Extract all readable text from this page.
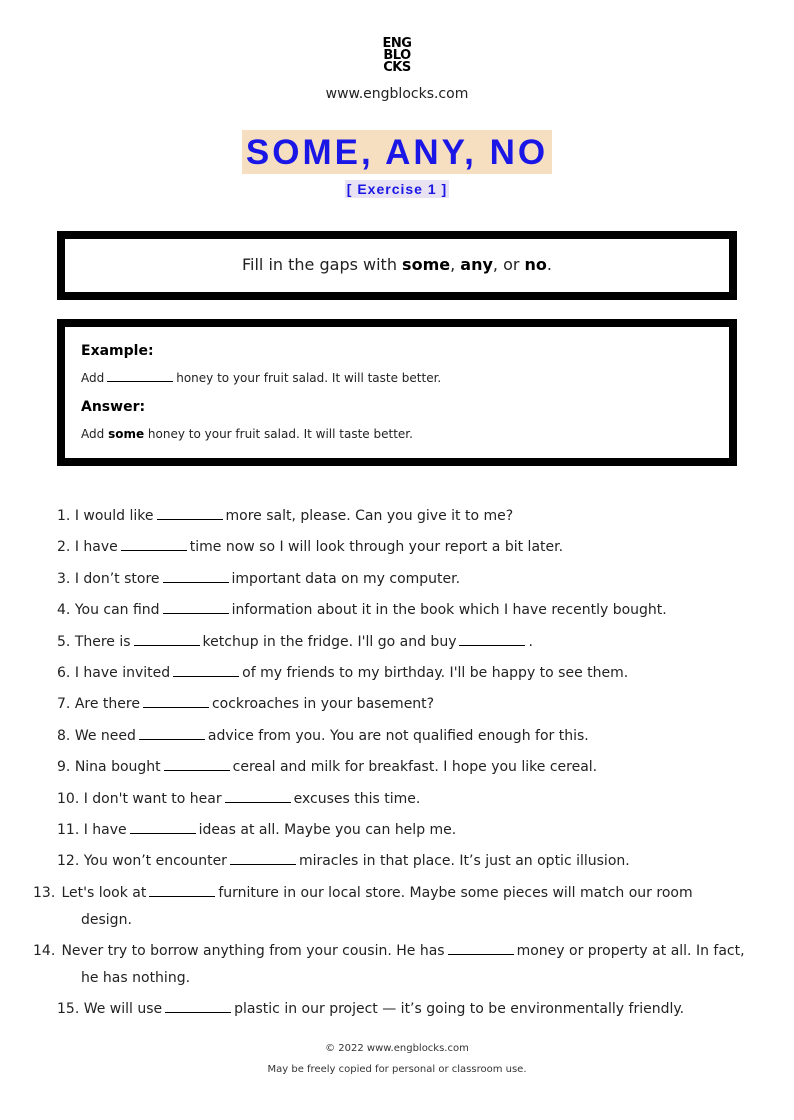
ENG
BLO
CKS
www.engblocks.com
SOME, ANY, NO
[ Exercise 1 ]
Fill in the gaps with some, any, or no.

Example:

Add	honey to your fruit salad. It will taste better.

Answer:

Add some honey to your fruit salad. It will taste better.

1. I would like	more salt, please. Can you give it to me?
2. I have	time now so I will look through your report a bit later.
3. I don’t store	important data on my computer.
4. You can find	information about it in the book which I have recently bought.
5. There is	ketchup in the fridge. I'll go and buy	.
6. I have invited	of my friends to my birthday. I'll be happy to see them.
7. Are there	cockroaches in your basement?
8. We need	advice from you. You are not qualified enough for this.
9. Nina bought	cereal and milk for breakfast. I hope you like cereal.
10. I don't want to hear	excuses this time.
11. I have	ideas at all. Maybe you can help me.
12. You won’t encounter	miracles in that place. It’s just an optic illusion.
13. Let's look at	furniture in our local store. Maybe some pieces will match our room design.
14. Never try to borrow anything from your cousin. He has	money or property at all. In fact, he has nothing.
15. We will use	plastic in our project — it’s going to be environmentally friendly.
© 2022 www.engblocks.com
May be freely copied for personal or classroom use.
